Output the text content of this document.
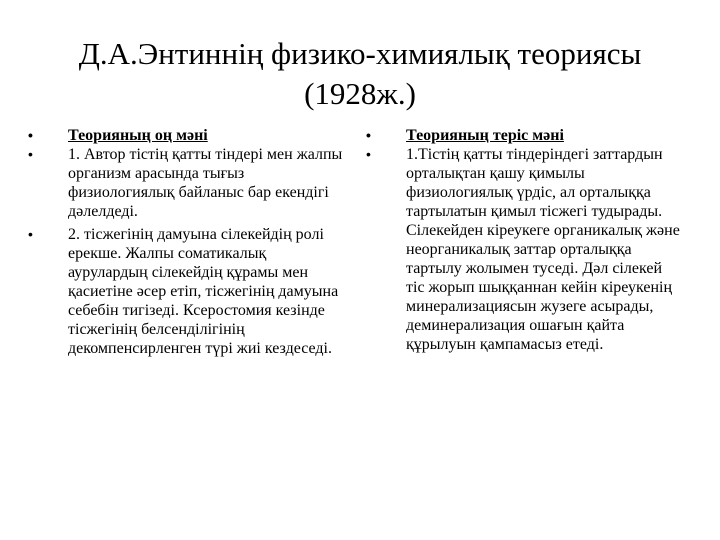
Д.А.Энтиннің физико-химиялық теориясы
(1928ж.)
•	Теорияның оң мәні
•	1. Автор тістің қатты тіндері мен жалпы организм арасында тығыз физиологиялық байланыс бар екендігі дәлелдеді.
•	2. тісжегінің дамуына сілекейдің ролі ерекше. Жалпы соматикалық аурулардың сілекейдің құрамы мен қасиетіне әсер етіп, тісжегінің дамуына себебін тигізеді. Ксеростомия кезінде тісжегінің белсенділігінің декомпенсирленген түрі жиі кездеседі.
•	Теорияның теріс мәні
•	1.Тістің қатты тіндеріндегі заттардын орталықтан қашу қимылы физиологиялық үрдіс, ал орталыққа тартылатын қимыл тісжегі тудырады. Сілекейден кіреукеге органикалық және неорганикалық заттар орталыққа тартылу жолымен туседі. Дәл сілекей тіс жорып шыққаннан кейін кіреукенің минерализациясын жузеге асырады, деминерализация ошағын қайта құрылуын қампамасыз етеді.
